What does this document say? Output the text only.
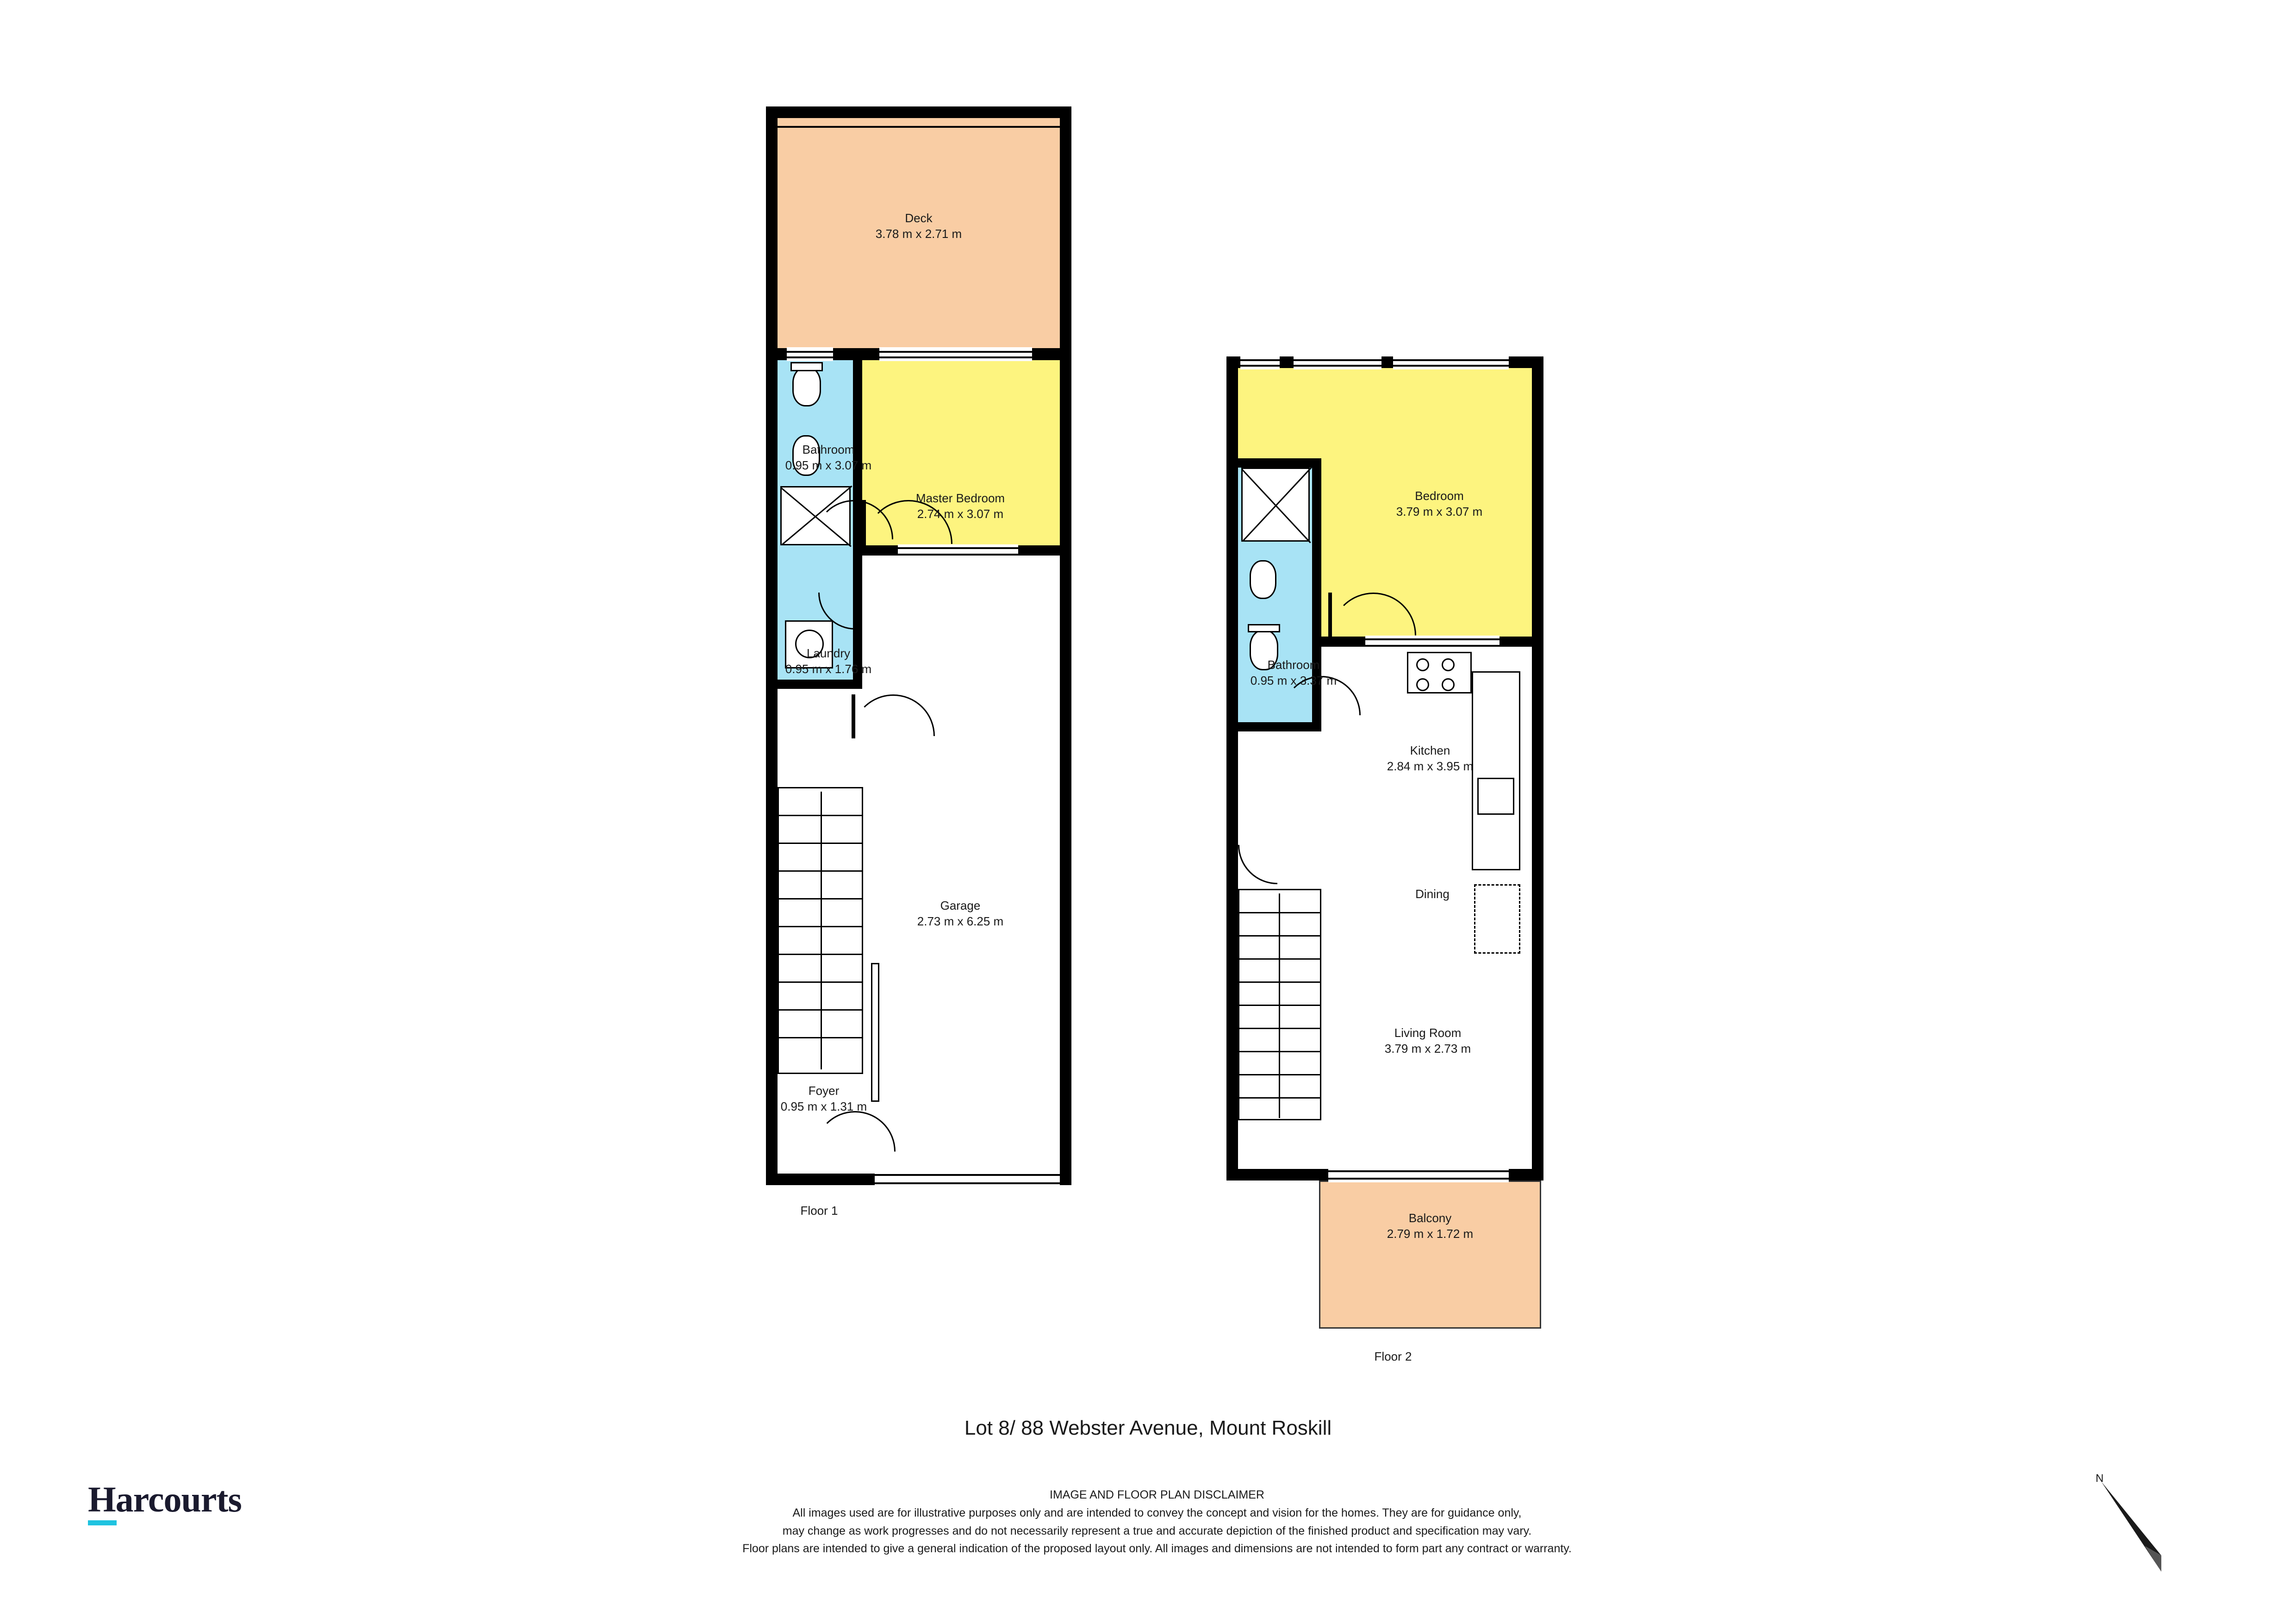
Deck
3.78 m x 2.71 m
Bathroom
0.95 m x 3.07 m
Master Bedroom
2.74 m x 3.07 m
Laundry
0.95 m x 1.76 m
Garage
2.73 m x 6.25 m
Foyer
0.95 m x 1.31 m
Floor 1
Bedroom
3.79 m x 3.07 m
Bathroom
0.95 m x 3.37 m
Kitchen
2.84 m x 3.95 m
Dining
Living Room
3.79 m x 2.73 m
Balcony
2.79 m x 1.72 m
Floor 2
Lot 8/ 88 Webster Avenue, Mount Roskill
Harcourts	IMAGE AND FLOOR PLAN DISCLAIMER
All images used are for illustrative purposes only and are intended to convey the concept and vision for the homes. They are for guidance only,
may change as work progresses and do not necessarily represent a true and accurate depiction of the finished product and specification may vary.
Floor plans are intended to give a general indication of the proposed layout only. All images and dimensions are not intended to form part any contract or warranty.
N
